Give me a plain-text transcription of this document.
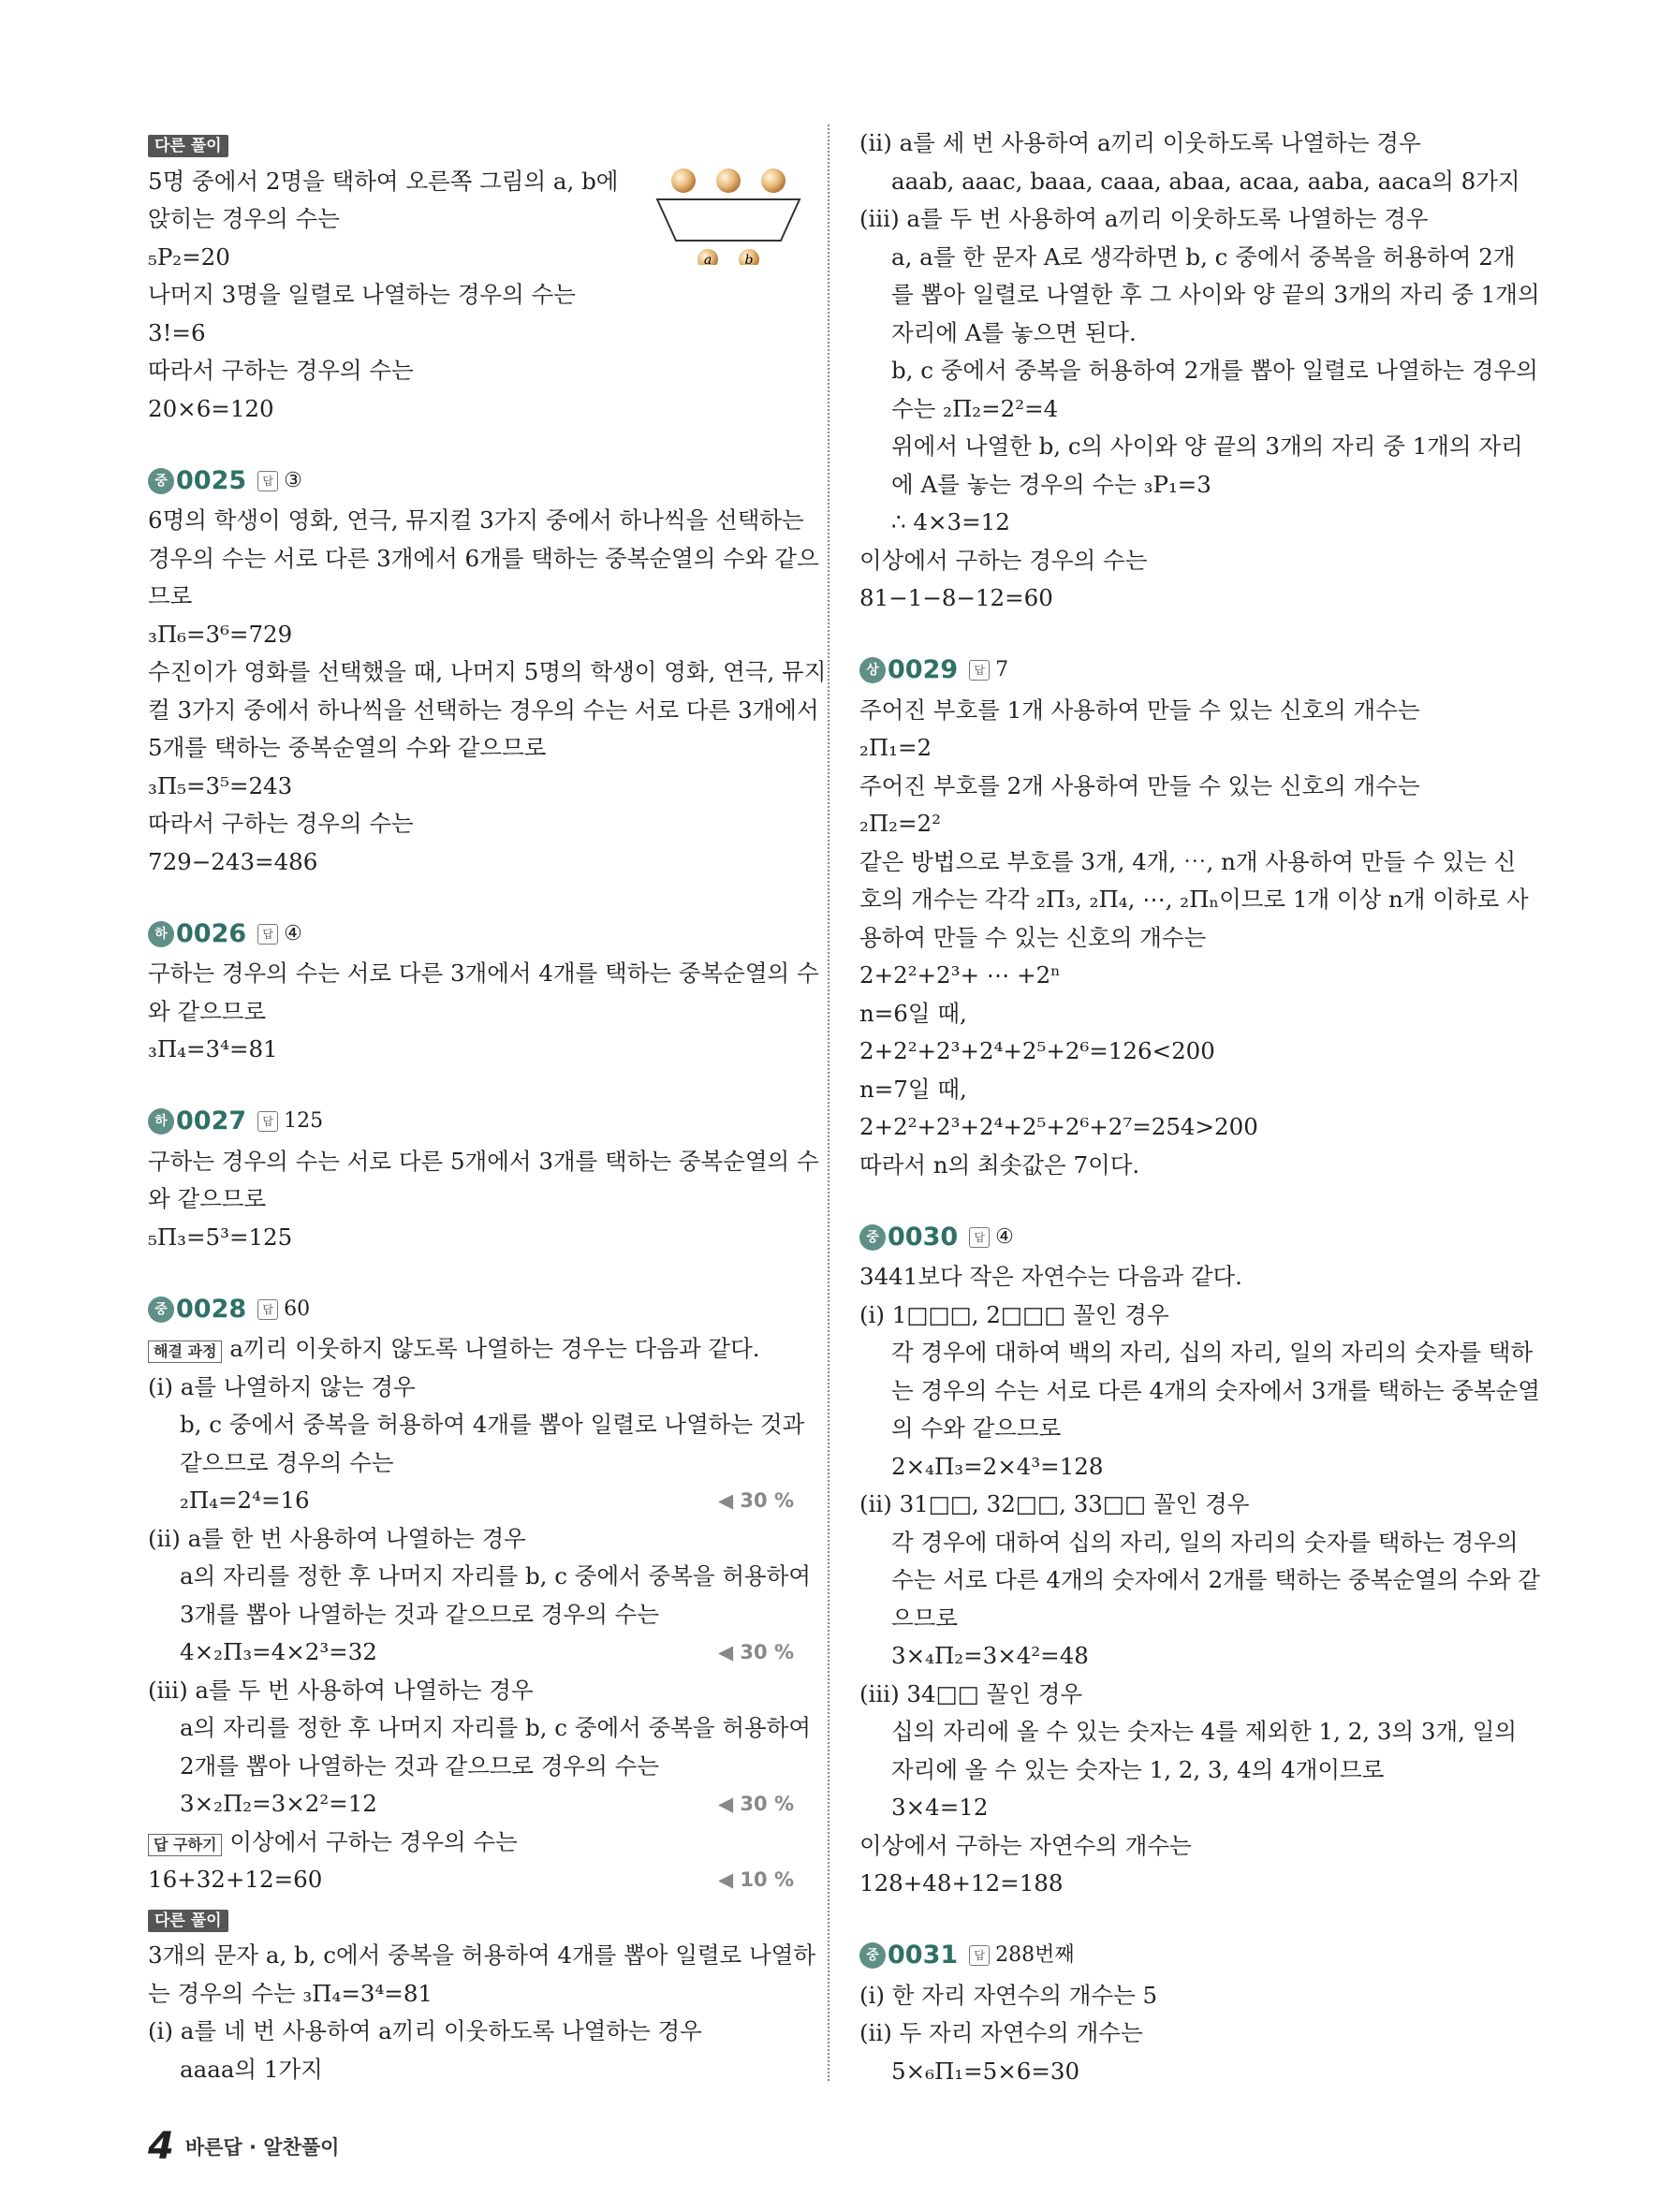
a	b
다른 풀이
5명 중에서 2명을 택하여 오른쪽 그림의 a, b에
앉히는 경우의 수는
₅P₂=20
나머지 3명을 일렬로 나열하는 경우의 수는
3!=6
따라서 구하는 경우의 수는
20×6=120
중 0025 답 ③
6명의 학생이 영화, 연극, 뮤지컬 3가지 중에서 하나씩을 선택하는
경우의 수는 서로 다른 3개에서 6개를 택하는 중복순열의 수와 같으
므로
₃Π₆=3⁶=729
수진이가 영화를 선택했을 때, 나머지 5명의 학생이 영화, 연극, 뮤지
컬 3가지 중에서 하나씩을 선택하는 경우의 수는 서로 다른 3개에서
5개를 택하는 중복순열의 수와 같으므로
₃Π₅=3⁵=243
따라서 구하는 경우의 수는
729−243=486
하 0026 답 ④
구하는 경우의 수는 서로 다른 3개에서 4개를 택하는 중복순열의 수
와 같으므로
₃Π₄=3⁴=81
하 0027 답 125
구하는 경우의 수는 서로 다른 5개에서 3개를 택하는 중복순열의 수
와 같으므로
₅Π₃=5³=125
중 0028 답 60
해결 과정 a끼리 이웃하지 않도록 나열하는 경우는 다음과 같다.
(ⅰ) a를 나열하지 않는 경우
b, c 중에서 중복을 허용하여 4개를 뽑아 일렬로 나열하는 것과
같으므로 경우의 수는
₂Π₄=2⁴=16	◀ 30 %
(ⅱ) a를 한 번 사용하여 나열하는 경우
a의 자리를 정한 후 나머지 자리를 b, c 중에서 중복을 허용하여
3개를 뽑아 나열하는 것과 같으므로 경우의 수는
4×₂Π₃=4×2³=32	◀ 30 %
(ⅲ) a를 두 번 사용하여 나열하는 경우
a의 자리를 정한 후 나머지 자리를 b, c 중에서 중복을 허용하여
2개를 뽑아 나열하는 것과 같으므로 경우의 수는
3×₂Π₂=3×2²=12	◀ 30 %
답 구하기 이상에서 구하는 경우의 수는
16+32+12=60	◀ 10 %
다른 풀이
3개의 문자 a, b, c에서 중복을 허용하여 4개를 뽑아 일렬로 나열하
는 경우의 수는 ₃Π₄=3⁴=81
(ⅰ) a를 네 번 사용하여 a끼리 이웃하도록 나열하는 경우
aaaa의 1가지
(ⅱ) a를 세 번 사용하여 a끼리 이웃하도록 나열하는 경우
aaab, aaac, baaa, caaa, abaa, acaa, aaba, aaca의 8가지
(ⅲ) a를 두 번 사용하여 a끼리 이웃하도록 나열하는 경우
a, a를 한 문자 A로 생각하면 b, c 중에서 중복을 허용하여 2개
를 뽑아 일렬로 나열한 후 그 사이와 양 끝의 3개의 자리 중 1개의
자리에 A를 놓으면 된다.
b, c 중에서 중복을 허용하여 2개를 뽑아 일렬로 나열하는 경우의
수는 ₂Π₂=2²=4
위에서 나열한 b, c의 사이와 양 끝의 3개의 자리 중 1개의 자리
에 A를 놓는 경우의 수는 ₃P₁=3
∴ 4×3=12
이상에서 구하는 경우의 수는
81−1−8−12=60
상 0029 답 7
주어진 부호를 1개 사용하여 만들 수 있는 신호의 개수는
₂Π₁=2
주어진 부호를 2개 사용하여 만들 수 있는 신호의 개수는
₂Π₂=2²
같은 방법으로 부호를 3개, 4개, ⋯, n개 사용하여 만들 수 있는 신
호의 개수는 각각 ₂Π₃, ₂Π₄, ⋯, ₂Πₙ이므로 1개 이상 n개 이하로 사
용하여 만들 수 있는 신호의 개수는
2+2²+2³+ ⋯ +2ⁿ
n=6일 때,
2+2²+2³+2⁴+2⁵+2⁶=126<200
n=7일 때,
2+2²+2³+2⁴+2⁵+2⁶+2⁷=254>200
따라서 n의 최솟값은 7이다.
중 0030 답 ④
3441보다 작은 자연수는 다음과 같다.
(ⅰ) 1□□□, 2□□□ 꼴인 경우
각 경우에 대하여 백의 자리, 십의 자리, 일의 자리의 숫자를 택하
는 경우의 수는 서로 다른 4개의 숫자에서 3개를 택하는 중복순열
의 수와 같으므로
2×₄Π₃=2×4³=128
(ⅱ) 31□□, 32□□, 33□□ 꼴인 경우
각 경우에 대하여 십의 자리, 일의 자리의 숫자를 택하는 경우의
수는 서로 다른 4개의 숫자에서 2개를 택하는 중복순열의 수와 같
으므로
3×₄Π₂=3×4²=48
(ⅲ) 34□□ 꼴인 경우
십의 자리에 올 수 있는 숫자는 4를 제외한 1, 2, 3의 3개, 일의
자리에 올 수 있는 숫자는 1, 2, 3, 4의 4개이므로
3×4=12
이상에서 구하는 자연수의 개수는
128+48+12=188
중 0031 답 288번째
(ⅰ) 한 자리 자연수의 개수는 5
(ⅱ) 두 자리 자연수의 개수는
5×₆Π₁=5×6=30
4 바른답 · 알찬풀이
